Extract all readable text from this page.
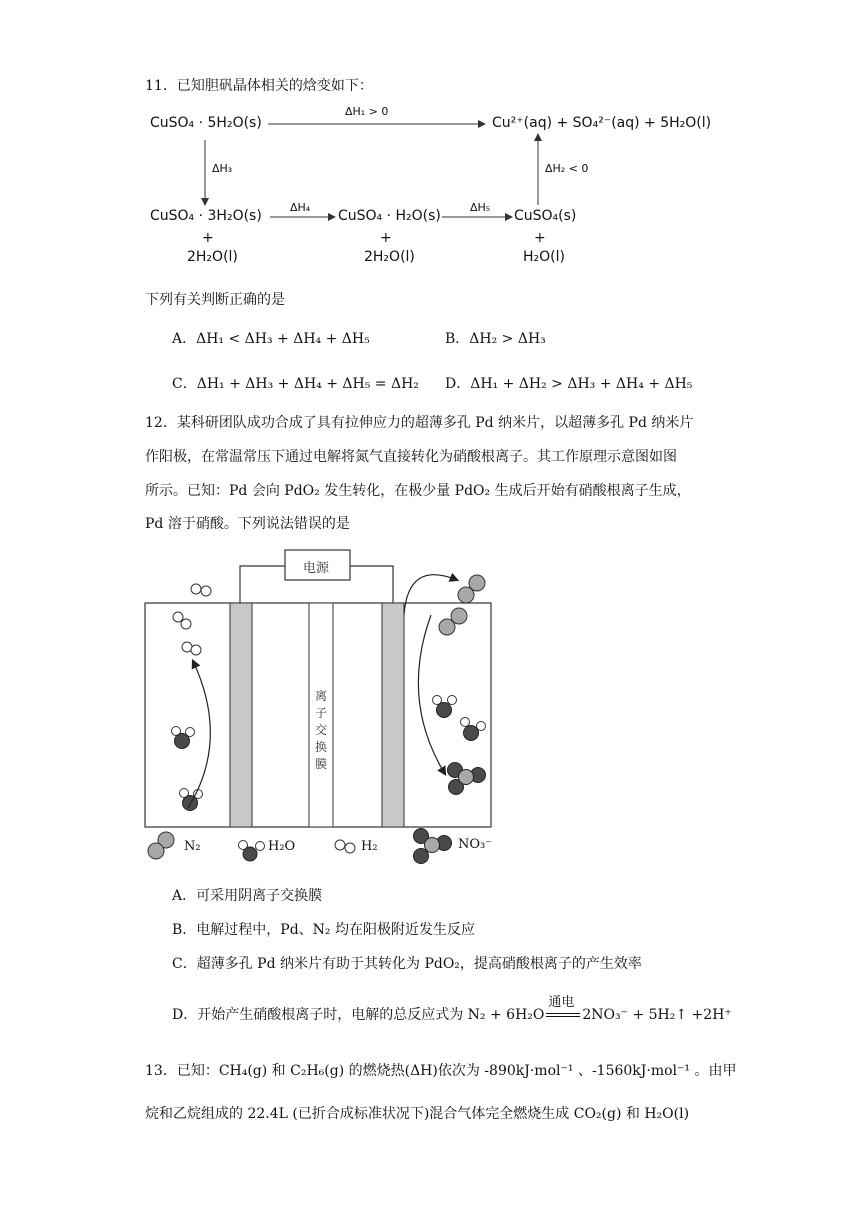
11．已知胆矾晶体相关的焓变如下：
CuSO₄ · 5H₂O(s)	Cu²⁺(aq) + SO₄²⁻(aq) + 5H₂O(l)
ΔH₁ > 0
ΔH₃	ΔH₂ < 0
ΔH₄	ΔH₅
CuSO₄ · 3H₂O(s)
+
2H₂O(l)
CuSO₄ · H₂O(s)
+
2H₂O(l)
CuSO₄(s)
+
H₂O(l)
下列有关判断正确的是
A．ΔH₁ < ΔH₃ + ΔH₄ + ΔH₅	B．ΔH₂ > ΔH₃
C．ΔH₁ + ΔH₃ + ΔH₄ + ΔH₅ = ΔH₂ D．ΔH₁ + ΔH₂ > ΔH₃ + ΔH₄ + ΔH₅
12．某科研团队成功合成了具有拉伸应力的超薄多孔 Pd 纳米片，以超薄多孔 Pd 纳米片
作阳极，在常温常压下通过电解将氮气直接转化为硝酸根离子。其工作原理示意图如图
所示。已知：Pd 会向 PdO₂ 发生转化，在极少量 PdO₂ 生成后开始有硝酸根离子生成，
Pd 溶于硝酸。下列说法错误的是
电源
离
子
交
换
膜
N₂	H₂O	H₂	NO₃⁻
A．可采用阴离子交换膜
B．电解过程中，Pd、N₂ 均在阳极附近发生反应
C．超薄多孔 Pd 纳米片有助于其转化为 PdO₂，提高硝酸根离子的产生效率
D．开始产生硝酸根离子时，电解的总反应式为 N₂ + 6H₂O
通电
2NO₃⁻ + 5H₂↑ +2H⁺
13．已知：CH₄(g) 和 C₂H₆(g) 的燃烧热(ΔH)依次为 -890kJ·mol⁻¹ 、-1560kJ·mol⁻¹ 。由甲
烷和乙烷组成的 22.4L (已折合成标准状况下)混合气体完全燃烧生成 CO₂(g) 和 H₂O(l)
